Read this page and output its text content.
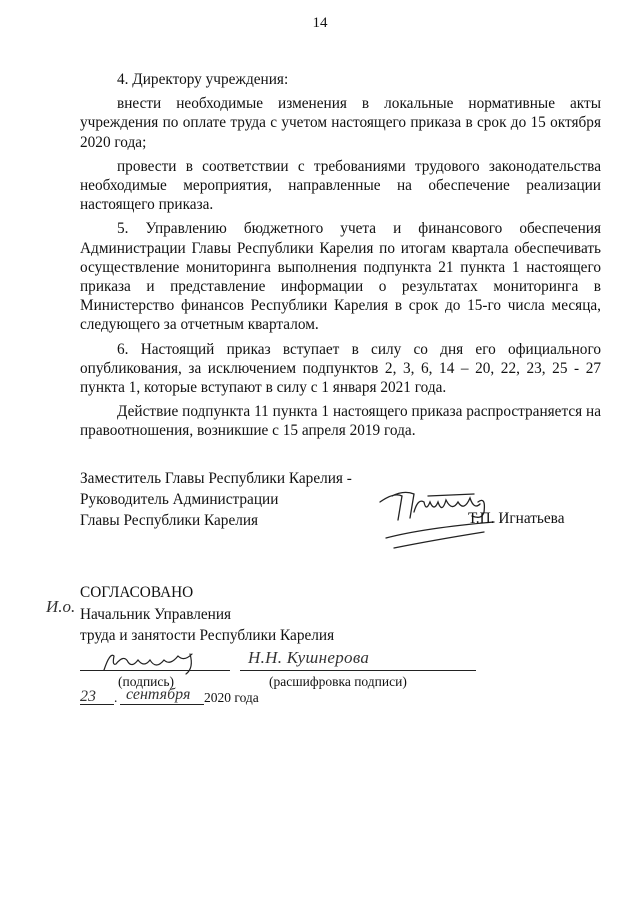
14

4. Директору учреждения:

внести необходимые изменения в локальные нормативные акты учреждения по оплате труда с учетом настоящего приказа в срок до 15 октября 2020 года;

провести в соответствии с требованиями трудового законодательства необходимые мероприятия, направленные на обеспечение реализации настоящего приказа.

5. Управлению бюджетного учета и финансового обеспечения Администрации Главы Республики Карелия по итогам квартала обеспечивать осуществление мониторинга выполнения подпункта 21 пункта 1 настоящего приказа и представление информации о результатах мониторинга в Министерство финансов Республики Карелия в срок до 15-го числа месяца, следующего за отчетным кварталом.

6. Настоящий приказ вступает в силу со дня его официального опубликования, за исключением подпунктов 2, 3, 6, 14 – 20, 22, 23, 25 - 27 пункта 1, которые вступают в силу с 1 января 2021 года.

Действие подпункта 11 пункта 1 настоящего приказа распространяется на правоотношения, возникшие с 15 апреля 2019 года.

Заместитель Главы Республики Карелия -
Руководитель Администрации
Главы Республики Карелия	Т.П. Игнатьева
И.о.
СОГЛАСОВАНО
Начальник Управления
труда и занятости Республики Карелия
Н.Н. Кушнерова
(подпись)	(расшифровка подписи)
23 . сентября 2020 года
